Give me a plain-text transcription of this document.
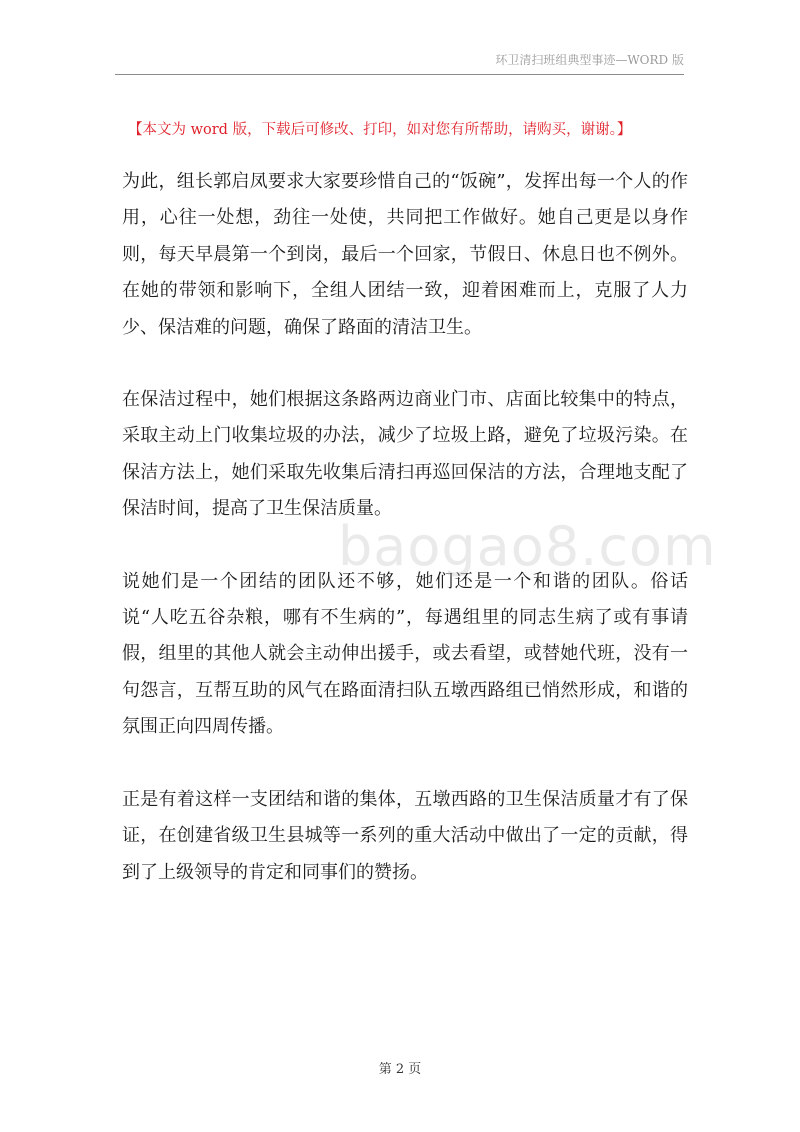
环卫清扫班组典型事迹—WORD 版
【本文为 word 版，下载后可修改、打印，如对您有所帮助，请购买，谢谢。】

为此，组长郭启凤要求大家要珍惜自己的“饭碗”，发挥出每一个人的作用，心往一处想，劲往一处使，共同把工作做好。她自己更是以身作则，每天早晨第一个到岗，最后一个回家，节假日、休息日也不例外。在她的带领和影响下，全组人团结一致，迎着困难而上，克服了人力少、保洁难的问题，确保了路面的清洁卫生。

在保洁过程中，她们根据这条路两边商业门市、店面比较集中的特点，采取主动上门收集垃圾的办法，减少了垃圾上路，避免了垃圾污染。在保洁方法上，她们采取先收集后清扫再巡回保洁的方法，合理地支配了保洁时间，提高了卫生保洁质量。

说她们是一个团结的团队还不够，她们还是一个和谐的团队。俗话说“人吃五谷杂粮，哪有不生病的”，每遇组里的同志生病了或有事请假，组里的其他人就会主动伸出援手，或去看望，或替她代班，没有一句怨言，互帮互助的风气在路面清扫队五墩西路组已悄然形成，和谐的氛围正向四周传播。

正是有着这样一支团结和谐的集体，五墩西路的卫生保洁质量才有了保证，在创建省级卫生县城等一系列的重大活动中做出了一定的贡献，得到了上级领导的肯定和同事们的赞扬。

baogao8.com
第 2 页
